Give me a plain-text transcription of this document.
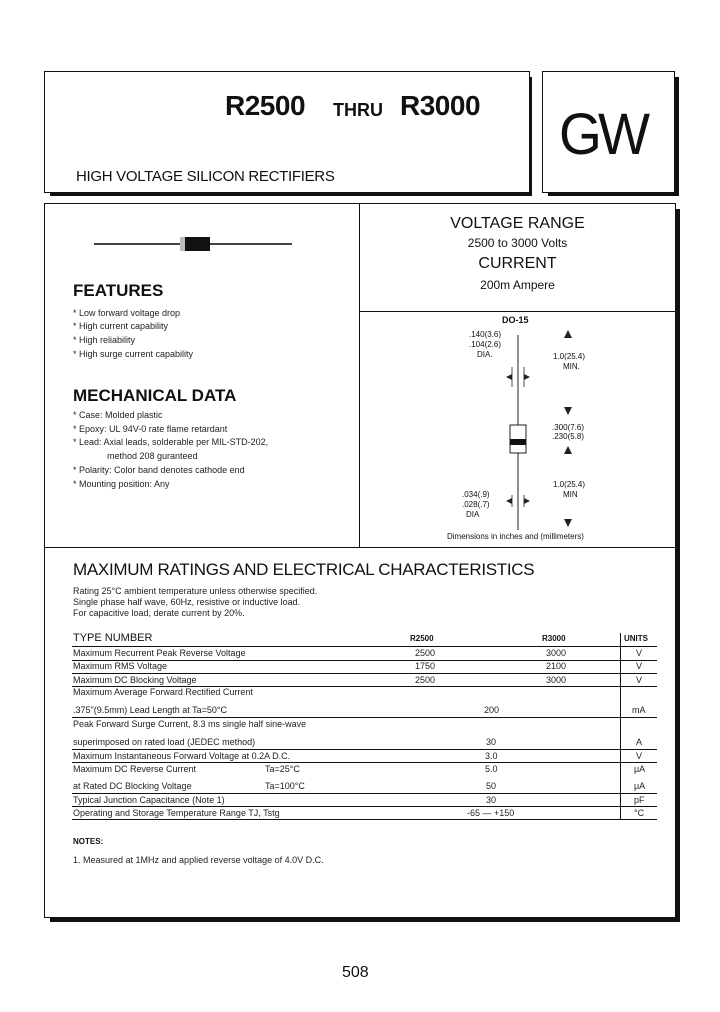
R2500 THRU R3000
HIGH VOLTAGE SILICON RECTIFIERS
GW
FEATURES
* Low forward voltage drop
* High current capability
* High reliability
* High surge current capability
MECHANICAL DATA
* Case: Molded plastic
* Epoxy: UL 94V-0 rate flame retardant
* Lead: Axial leads, solderable per MIL-STD-202,
method 208 guranteed
* Polarity: Color band denotes cathode end
* Mounting position: Any
VOLTAGE RANGE
2500 to 3000 Volts
CURRENT
200m Ampere
DO-15
.140(3.6)
.104(2.6)
DIA.	1.0(25.4)
MIN.
.300(7.6)
.230(5.8)
1.0(25.4)
MIN
.034(.9)
.028(.7)
DIA
Dimensions in inches and (millimeters)
MAXIMUM RATINGS AND ELECTRICAL CHARACTERISTICS
Rating 25°C ambient temperature unless otherwise specified.
Single phase half wave, 60Hz, resistive or inductive load.
For capacitive load, derate current by 20%.
TYPE NUMBER	R2500	R3000	UNITS
Maximum Recurrent Peak Reverse Voltage	2500	3000	V
Maximum RMS Voltage	1750	2100	V
Maximum DC Blocking Voltage	2500	3000	V
Maximum Average Forward Rectified Current
.375"(9.5mm) Lead Length at Ta=50°C	200	mA
Peak Forward Surge Current, 8.3 ms single half sine-wave
superimposed on rated load (JEDEC method)	30	A
Maximum Instantaneous Forward Voltage at 0.2A D.C.	3.0	V
Maximum DC Reverse Current	Ta=25°C	5.0	μA
at Rated DC Blocking Voltage	Ta=100°C	50	μA
Typical Junction Capacitance (Note 1)	30	pF
Operating and Storage Temperature Range TJ, Tstg	-65 — +150	°C
NOTES:
1. Measured at 1MHz and applied reverse voltage of 4.0V D.C.
508
